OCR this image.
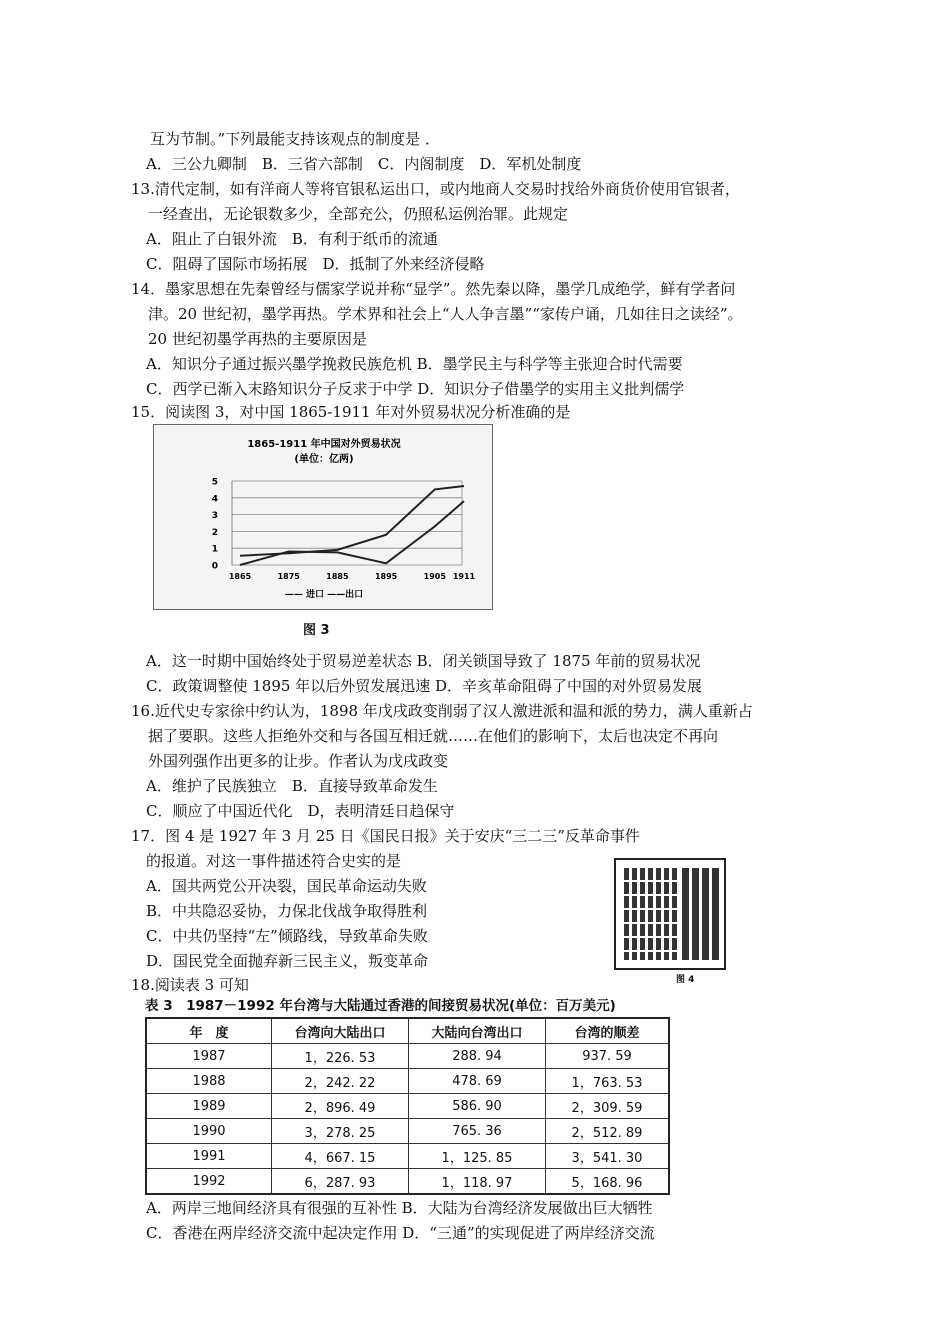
互为节制。”下列最能支持该观点的制度是 ．
A．三公九卿制　B．三省六部制　C．内阁制度　D．军机处制度
13.清代定制，如有洋商人等将官银私运出口，或内地商人交易时找给外商货价使用官银者，
一经查出，无论银数多少，全部充公，仍照私运例治罪。此规定
A．阻止了白银外流　B．有利于纸币的流通
C．阻碍了国际市场拓展　D．抵制了外来经济侵略
14．墨家思想在先秦曾经与儒家学说并称“显学”。然先秦以降，墨学几成绝学，鲜有学者问
津。20 世纪初，墨学再热。学术界和社会上“人人争言墨”“家传户诵，几如往日之读经”。
20 世纪初墨学再热的主要原因是
A．知识分子通过振兴墨学挽救民族危机 B．墨学民主与科学等主张迎合时代需要
C．西学已渐入末路知识分子反求于中学 D．知识分子借墨学的实用主义批判儒学
15．阅读图 3，对中国 1865-1911 年对外贸易状况分析准确的是
1865-1911 年中国对外贸易状况
(单位：亿两)
0
1
2
3
4
5
1865	1875	1885	1895	1905 1911
—— 进口 ——出口
图 3
A．这一时期中国始终处于贸易逆差状态 B．闭关锁国导致了 1875 年前的贸易状况
C．政策调整使 1895 年以后外贸发展迅速 D．辛亥革命阻碍了中国的对外贸易发展
16.近代史专家徐中约认为，1898 年戊戌政变削弱了汉人激进派和温和派的势力，满人重新占
据了要职。这些人拒绝外交和与各国互相迁就……在他们的影响下，太后也决定不再向
外国列强作出更多的让步。作者认为戊戌政变
A．维护了民族独立　B．直接导致革命发生
C．顺应了中国近代化　D，表明清廷日趋保守
17．图 4 是 1927 年 3 月 25 日《国民日报》关于安庆“三二三”反革命事件
的报道。对这一事件描述符合史实的是
A．国共两党公开决裂，国民革命运动失败
B．中共隐忍妥协，力保北伐战争取得胜利
C．中共仍坚持“左”倾路线，导致革命失败
D．国民党全面抛弃新三民主义，叛变革命
18.阅读表 3 可知	图 4
表 3　1987－1992 年台湾与大陆通过香港的间接贸易状况(单位：百万美元)
年　度	台湾向大陆出口	大陆向台湾出口	台湾的顺差
1987	1，226. 53	288. 94	937. 59
1988	2，242. 22	478. 69	1，763. 53
1989	2，896. 49	586. 90	2，309. 59
1990	3，278. 25	765. 36	2，512. 89
1991	4，667. 15	1，125. 85	3，541. 30
1992	6，287. 93	1，118. 97	5，168. 96
A．两岸三地间经济具有很强的互补性 B．大陆为台湾经济发展做出巨大牺牲
C．香港在两岸经济交流中起决定作用 D．“三通”的实现促进了两岸经济交流
